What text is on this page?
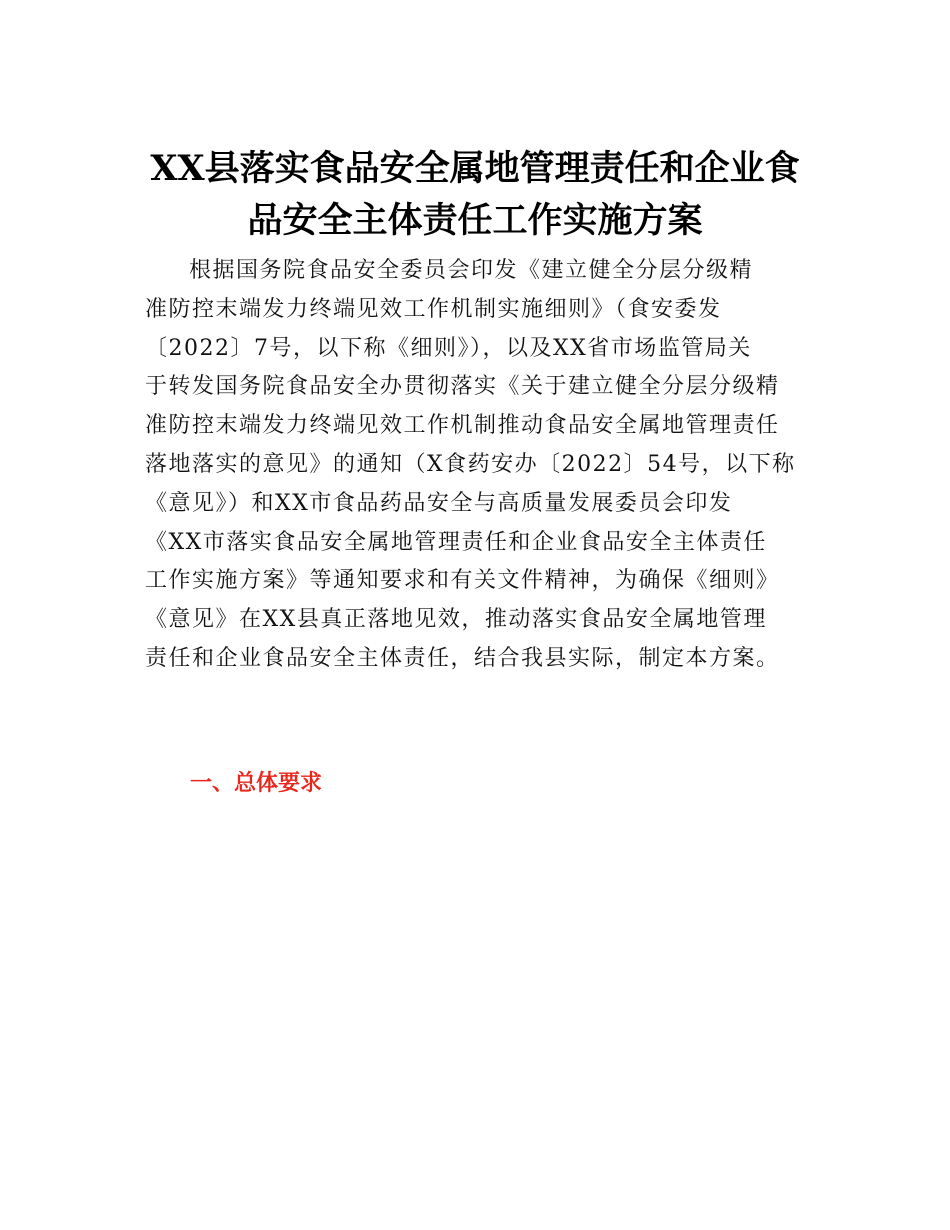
XX县落实食品安全属地管理责任和企业食
品安全主体责任工作实施方案

根据国务院食品安全委员会印发《建立健全分层分级精
准防控末端发力终端见效工作机制实施细则》（食安委发
〔2022〕7号，以下称《细则》），以及XX省市场监管局关
于转发国务院食品安全办贯彻落实《关于建立健全分层分级精
准防控末端发力终端见效工作机制推动食品安全属地管理责任
落地落实的意见》的通知（X食药安办〔2022〕54号，以下称
《意见》）和XX市食品药品安全与高质量发展委员会印发
《XX市落实食品安全属地管理责任和企业食品安全主体责任
工作实施方案》等通知要求和有关文件精神，为确保《细则》
《意见》在XX县真正落地见效，推动落实食品安全属地管理
责任和企业食品安全主体责任，结合我县实际，制定本方案。

一、总体要求
